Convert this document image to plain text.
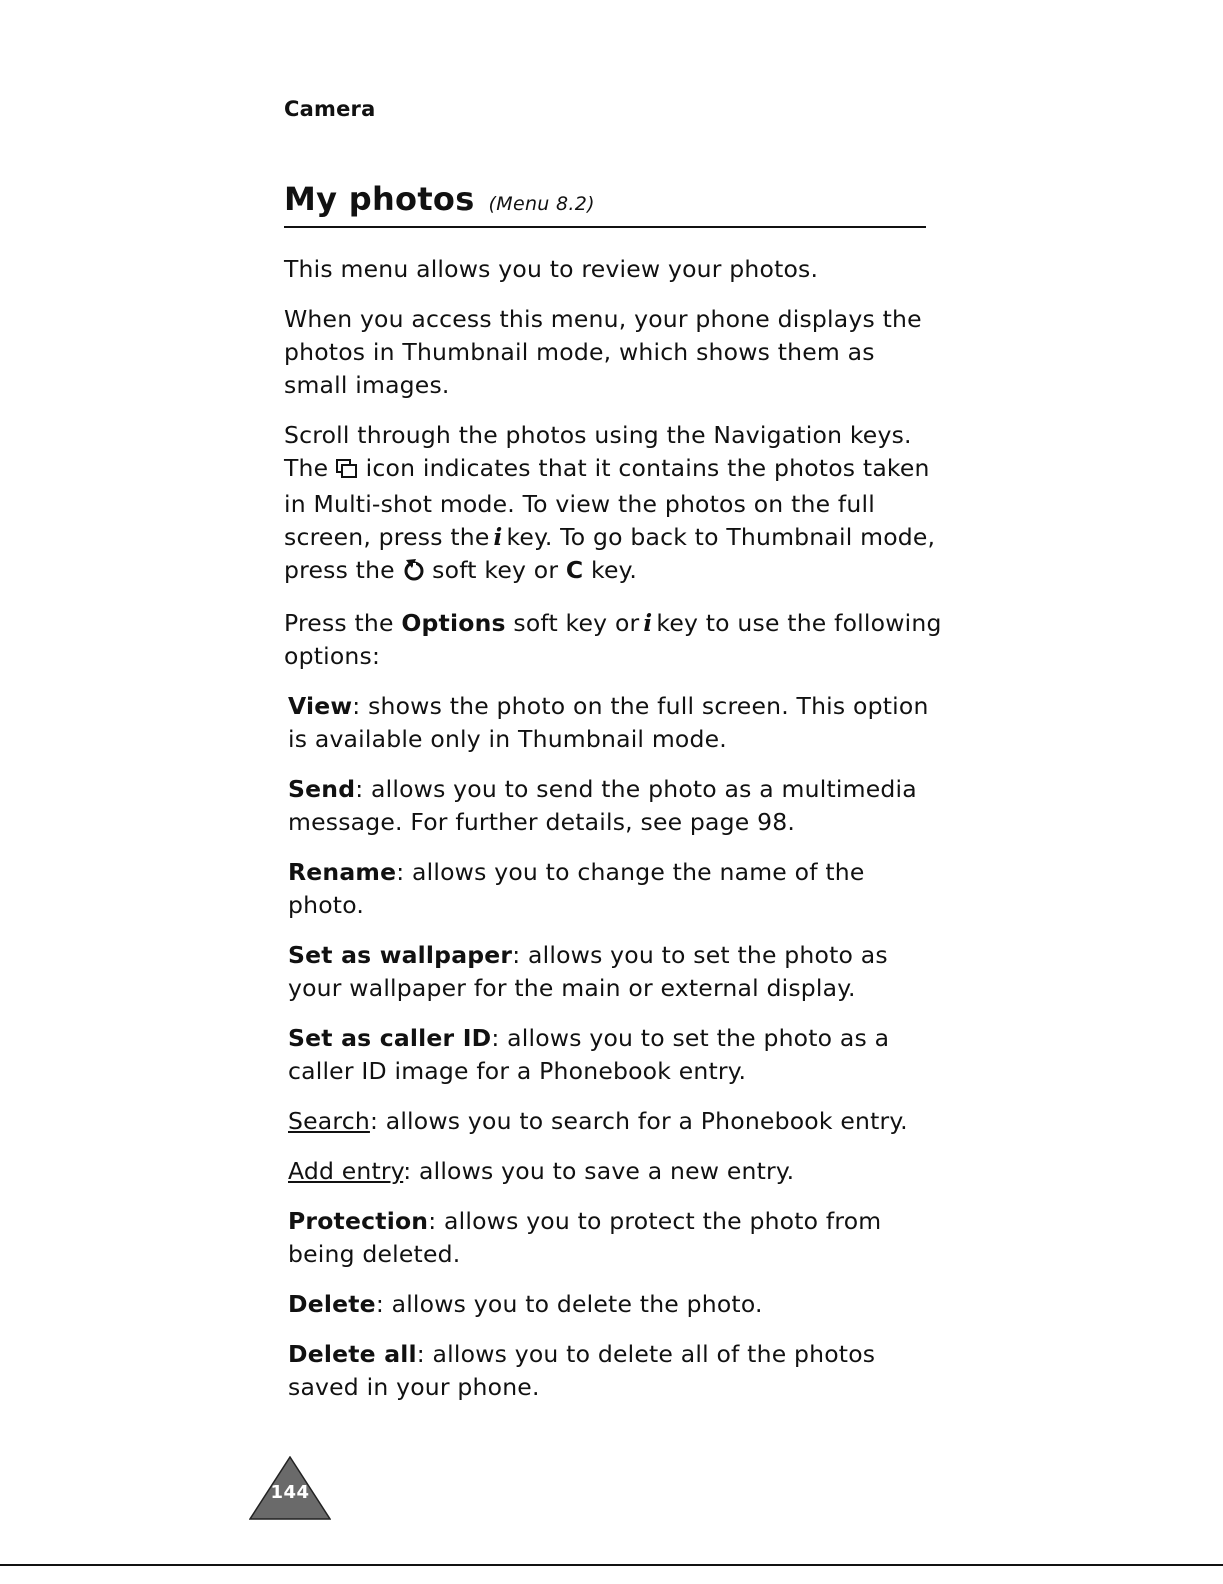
Camera
My photos (Menu 8.2)

This menu allows you to review your photos.

When you access this menu, your phone displays the photos in Thumbnail mode, which shows them as small images.

Scroll through the photos using the Navigation keys. The  icon indicates that it contains the photos taken in Multi-shot mode. To view the photos on the full screen, press the i key. To go back to Thumbnail mode, press the  soft key or C key.

Press the Options soft key or i key to use the following options:

View: shows the photo on the full screen. This option is available only in Thumbnail mode.

Send: allows you to send the photo as a multimedia message. For further details, see page 98.

Rename: allows you to change the name of the photo.

Set as wallpaper: allows you to set the photo as your wallpaper for the main or external display.

Set as caller ID: allows you to set the photo as a caller ID image for a Phonebook entry.

Search: allows you to search for a Phonebook entry.

Add entry: allows you to save a new entry.

Protection: allows you to protect the photo from being deleted.

Delete: allows you to delete the photo.

Delete all: allows you to delete all of the photos saved in your phone.

144
